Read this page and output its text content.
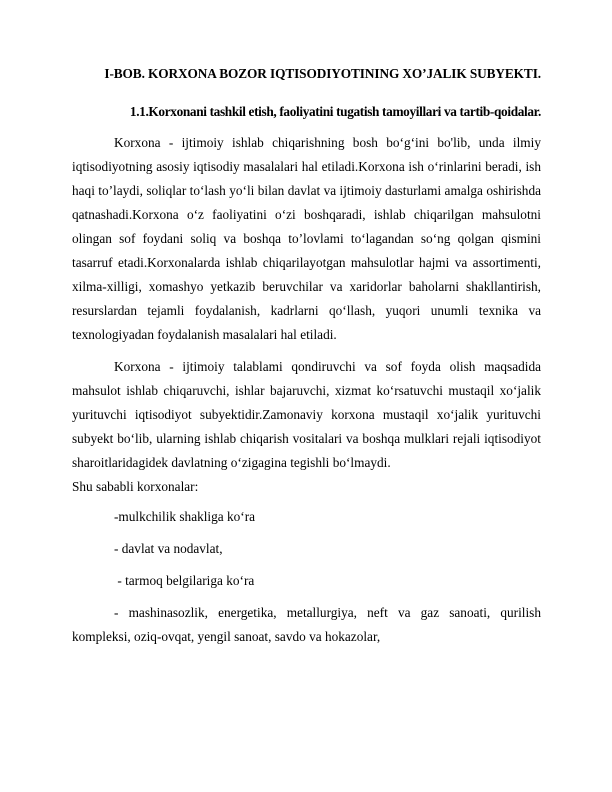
I-BOB. KORXONA BOZOR IQTISODIYOTINING XO’JALIK SUBYEKTI.
1.1.Korxonani tashkil etish, faoliyatini tugatish tamoyillari va tartib-qoidalar.

Korxona - ijtimoiy ishlab chiqarishning bosh bo‘g‘ini bo'lib, unda ilmiy iqtisodiyotning asosiy iqtisodiy masalalari hal etiladi.Korxona ish o‘rinlarini beradi, ish haqi to’laydi, soliqlar to‘lash yo‘li bilan davlat va ijtimoiy dasturlami amalga oshirishda qatnashadi.Korxona o‘z faoliyatini o‘zi boshqaradi, ishlab chiqarilgan mahsulotni olingan sof foydani soliq va boshqa to’lovlami to‘lagandan so‘ng qolgan qismini tasarruf etadi.Korxonalarda ishlab chiqarilayotgan mahsulotlar hajmi va assortimenti, xilma-xilligi, xomashyo yetkazib beruvchilar va xaridorlar baholarni shakllantirish, resurslardan tejamli foydalanish, kadrlarni qo‘llash, yuqori unumli texnika va texnologiyadan foydalanish masalalari hal etiladi.

Korxona - ijtimoiy talablami qondiruvchi va sof foyda olish maqsadida mahsulot ishlab chiqaruvchi, ishlar bajaruvchi, xizmat ko‘rsatuvchi mustaqil xo‘jalik yurituvchi iqtisodiyot subyektidir.Zamonaviy korxona mustaqil xo‘jalik yurituvchi subyekt bo‘lib, ularning ishlab chiqarish vositalari va boshqa mulklari rejali iqtisodiyot sharoitlaridagidek davlatning o‘zigagina tegishli bo‘lmaydi.

Shu sababli korxonalar:

-mulkchilik shakliga ko‘ra

- davlat va nodavlat,

- tarmoq belgilariga ko‘ra

- mashinasozlik, energetika, metallurgiya, neft va gaz sanoati, qurilish kompleksi, oziq-ovqat, yengil sanoat, savdo va hokazolar,
